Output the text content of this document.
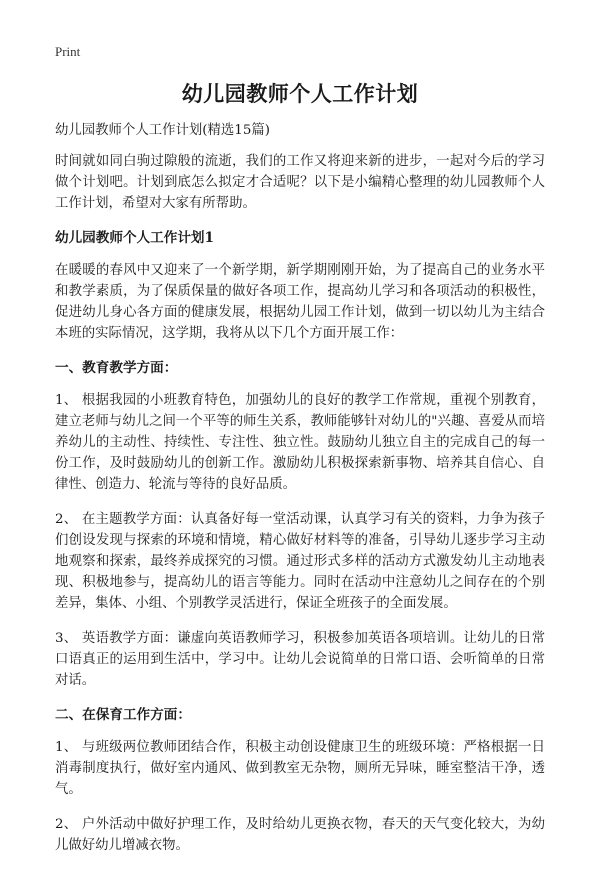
Print
幼儿园教师个人工作计划

幼儿园教师个人工作计划(精选15篇)

时间就如同白驹过隙般的流逝，我们的工作又将迎来新的进步，一起对今后的学习做个计划吧。计划到底怎么拟定才合适呢？以下是小编精心整理的幼儿园教师个人工作计划，希望对大家有所帮助。

幼儿园教师个人工作计划1

在暖暖的春风中又迎来了一个新学期，新学期刚刚开始，为了提高自己的业务水平和教学素质，为了保质保量的做好各项工作，提高幼儿学习和各项活动的积极性，促进幼儿身心各方面的健康发展，根据幼儿园工作计划，做到一切以幼儿为主结合本班的实际情况，这学期，我将从以下几个方面开展工作：

一、教育教学方面：

1、 根据我园的小班教育特色，加强幼儿的良好的教学工作常规，重视个别教育，建立老师与幼儿之间一个平等的师生关系，教师能够针对幼儿的"兴趣、喜爱从而培养幼儿的主动性、持续性、专注性、独立性。鼓励幼儿独立自主的完成自己的每一份工作，及时鼓励幼儿的创新工作。激励幼儿积极探索新事物、培养其自信心、自律性、创造力、轮流与等待的良好品质。

2、 在主题教学方面：认真备好每一堂活动课，认真学习有关的资料，力争为孩子们创设发现与探索的环境和情境，精心做好材料等的准备，引导幼儿逐步学习主动地观察和探索，最终养成探究的习惯。通过形式多样的活动方式激发幼儿主动地表现、积极地参与，提高幼儿的语言等能力。同时在活动中注意幼儿之间存在的个别差异，集体、小组、个别教学灵活进行，保证全班孩子的全面发展。

3、 英语教学方面：谦虚向英语教师学习，积极参加英语各项培训。让幼儿的日常口语真正的运用到生活中，学习中。让幼儿会说简单的日常口语、会听简单的日常对话。

二、在保育工作方面：

1、 与班级两位教师团结合作，积极主动创设健康卫生的班级环境：严格根据一日消毒制度执行，做好室内通风、做到教室无杂物，厕所无异味，睡室整洁干净，透气。

2、 户外活动中做好护理工作，及时给幼儿更换衣物，春天的天气变化较大，为幼儿做好幼儿增减衣物。
